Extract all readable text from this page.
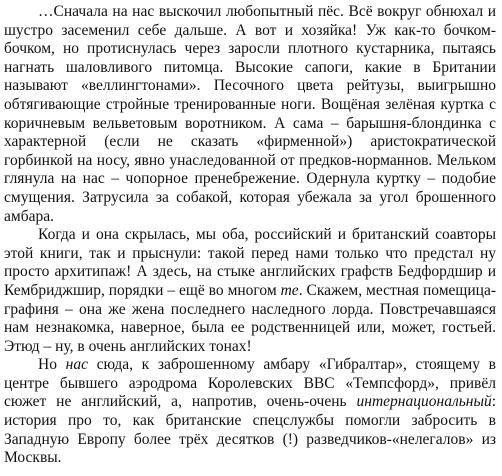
…Сначала на нас выскочил любопытный пёс. Всё вокруг обнюхал и шустро засеменил себе дальше. А вот и хозяйка! Уж как-то бочком-бочком, но протиснулась через заросли плотного кустарника, пытаясь нагнать шаловливого питомца. Высокие сапоги, какие в Британии называют «веллингтонами». Песочного цвета рейтузы, выигрышно обтягивающие стройные тренированные ноги. Вощёная зелёная куртка с коричневым вельветовым воротником. А сама – барышня-блондинка с характерной (если не сказать «фирменной») аристократической горбинкой на носу, явно унаследованной от предков-норманнов. Мельком глянула на нас – чопорное пренебрежение. Одернула куртку – подобие смущения. Затрусила за собакой, которая убежала за угол брошенного амбара.

Когда и она скрылась, мы оба, российский и британский соавторы этой книги, так и прыснули: такой перед нами только что предстал ну просто архитипаж! А здесь, на стыке английских графств Бедфордшир и Кембриджшир, порядки – ещё во многом те. Скажем, местная помещица-графиня – она же жена последнего наследного лорда. Повстречавшаяся нам незнакомка, наверное, была ее родственницей или, может, гостьей. Этюд – ну, в очень английских тонах!

Но нас сюда, к заброшенному амбару «Гибралтар», стоящему в центре бывшего аэродрома Королевских ВВС «Темпсфорд», привёл сюжет не английский, а, напротив, очень-очень интернациональный: история про то, как британские спецслужбы помогли забросить в Западную Европу более трёх десятков (!) разведчиков-«нелегалов» из Москвы.
